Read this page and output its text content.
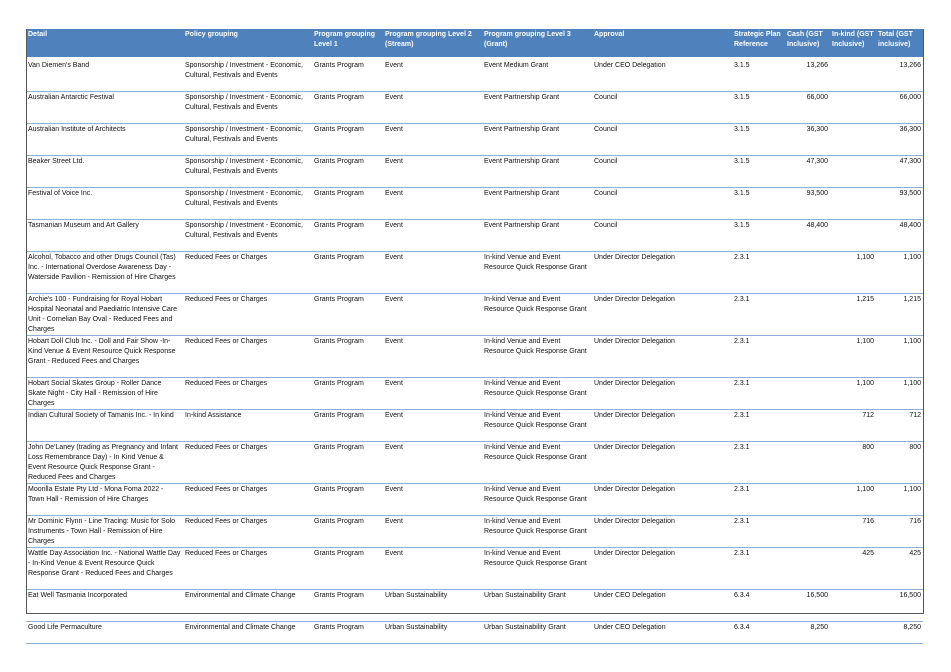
Detail	Policy grouping	Program grouping Level 1	Program grouping Level 2 (Stream)	Program grouping Level 3 (Grant)	Approval	Strategic Plan Reference	Cash (GST Inclusive)	In-kind (GST Inclusive)	Total (GST inclusive)
Van Diemen's Band	Sponsorship / Investment - Economic, Cultural, Festivals and Events	Grants Program	Event	Event Medium Grant	Under CEO Delegation	3.1.5	13,266		13,266
Australian Antarctic Festival	Sponsorship / Investment - Economic, Cultural, Festivals and Events	Grants Program	Event	Event Partnership Grant	Council	3.1.5	66,000		66,000
Australian Institute of Architects	Sponsorship / Investment - Economic, Cultural, Festivals and Events	Grants Program	Event	Event Partnership Grant	Council	3.1.5	36,300		36,300
Beaker Street Ltd.	Sponsorship / Investment - Economic, Cultural, Festivals and Events	Grants Program	Event	Event Partnership Grant	Council	3.1.5	47,300		47,300
Festival of Voice Inc.	Sponsorship / Investment - Economic, Cultural, Festivals and Events	Grants Program	Event	Event Partnership Grant	Council	3.1.5	93,500		93,500
Tasmanian Museum and Art Gallery	Sponsorship / Investment - Economic, Cultural, Festivals and Events	Grants Program	Event	Event Partnership Grant	Council	3.1.5	48,400		48,400
Alcohol, Tobacco and other Drugs Council (Tas) Inc. - International Overdose Awareness Day - Waterside Pavilion - Remission of Hire Charges	Reduced Fees or Charges	Grants Program	Event	In-kind Venue and Event Resource Quick Response Grant	Under Director Delegation	2.3.1		1,100	1,100
Archie's 100 - Fundraising for Royal Hobart Hospital Neonatal and Paediatric Intensive Care Unit - Cornelian Bay Oval - Reduced Fees and Charges	Reduced Fees or Charges	Grants Program	Event	In-kind Venue and Event Resource Quick Response Grant	Under Director Delegation	2.3.1		1,215	1,215
Hobart Doll Club Inc. - Doll and Fair Show -In-Kind Venue & Event Resource Quick Response Grant - Reduced Fees and Charges	Reduced Fees or Charges	Grants Program	Event	In-kind Venue and Event Resource Quick Response Grant	Under Director Delegation	2.3.1		1,100	1,100
Hobart Social Skates Group - Roller Dance Skate Night - City Hall - Remission of Hire Charges	Reduced Fees or Charges	Grants Program	Event	In-kind Venue and Event Resource Quick Response Grant	Under Director Delegation	2.3.1		1,100	1,100
Indian Cultural Society of Tamanis Inc. - In kind	In-kind Assistance	Grants Program	Event	In-kind Venue and Event Resource Quick Response Grant	Under Director Delegation	2.3.1		712	712
John De'Laney (trading as Pregnancy and Infant Loss Remembrance Day) - In Kind Venue & Event Resource Quick Response Grant - Reduced Fees and Charges	Reduced Fees or Charges	Grants Program	Event	In-kind Venue and Event Resource Quick Response Grant	Under Director Delegation	2.3.1		800	800
Moorilla Estate Pty Ltd - Mona Foma 2022 - Town Hall - Remission of Hire Charges	Reduced Fees or Charges	Grants Program	Event	In-kind Venue and Event Resource Quick Response Grant	Under Director Delegation	2.3.1		1,100	1,100
Mr Dominic Flynn - Line Tracing: Music for Solo Instruments - Town Hall - Remission of Hire Charges	Reduced Fees or Charges	Grants Program	Event	In-kind Venue and Event Resource Quick Response Grant	Under Director Delegation	2.3.1		716	716
Wattle Day Association Inc. - National Wattle Day - In-Kind Venue & Event Resource Quick Response Grant - Reduced Fees and Charges	Reduced Fees or Charges	Grants Program	Event	In-kind Venue and Event Resource Quick Response Grant	Under Director Delegation	2.3.1		425	425
Eat Well Tasmania Incorporated	Environmental and Climate Change	Grants Program	Urban Sustainability	Urban Sustainability Grant	Under CEO Delegation	6.3.4	16,500		16,500
Good Life Permaculture	Environmental and Climate Change	Grants Program	Urban Sustainability	Urban Sustainability Grant	Under CEO Delegation	6.3.4	8,250		8,250
